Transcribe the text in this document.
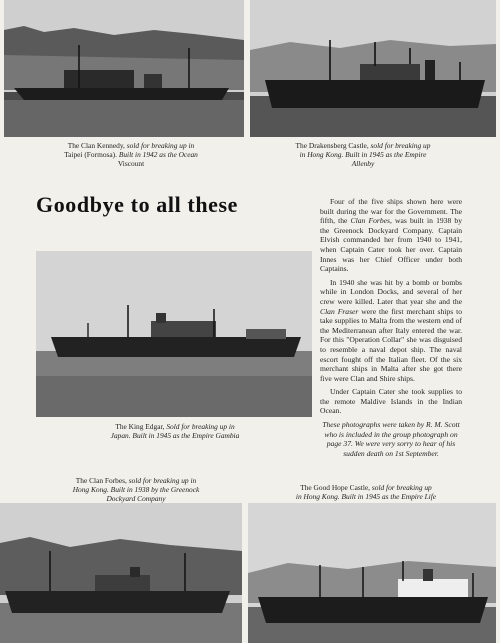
The Clan Kennedy, sold for breaking up in
Taipei (Formosa). Built in 1942 as the Ocean
Viscount
The Drakensberg Castle, sold for breaking up
in Hong Kong. Built in 1945 as the Empire
Allenby
Goodbye to all these
The King Edgar, Sold for breaking up in
Japan. Built in 1945 as the Empire Gambia

Four of the five ships shown here were built during the war for the Government. The fifth, the Clan Forbes, was built in 1938 by the Greenock Dockyard Company. Captain Elvish commanded her from 1940 to 1941, when Captain Cater took her over. Captain Innes was her Chief Officer under both Captains.

In 1940 she was hit by a bomb or bombs while in London Docks, and several of her crew were killed. Later that year she and the Clan Fraser were the first merchant ships to take supplies to Malta from the western end of the Mediterranean after Italy entered the war. For this "Operation Collar" she was disguised to resemble a naval depot ship. The naval escort fought off the Italian fleet. Of the six merchant ships in Malta after she got there five were Clan and Shire ships.

Under Captain Cater she took supplies to the remote Maldive Islands in the Indian Ocean.

These photographs were taken by R. M. Scott who is included in the group photograph on page 37. We were very sorry to hear of his sudden death on 1st September.

The Clan Forbes, sold for breaking up in
Hong Kong. Built in 1938 by the Greenock
Dockyard Company
The Good Hope Castle, sold for breaking up
in Hong Kong. Built in 1945 as the Empire Life
